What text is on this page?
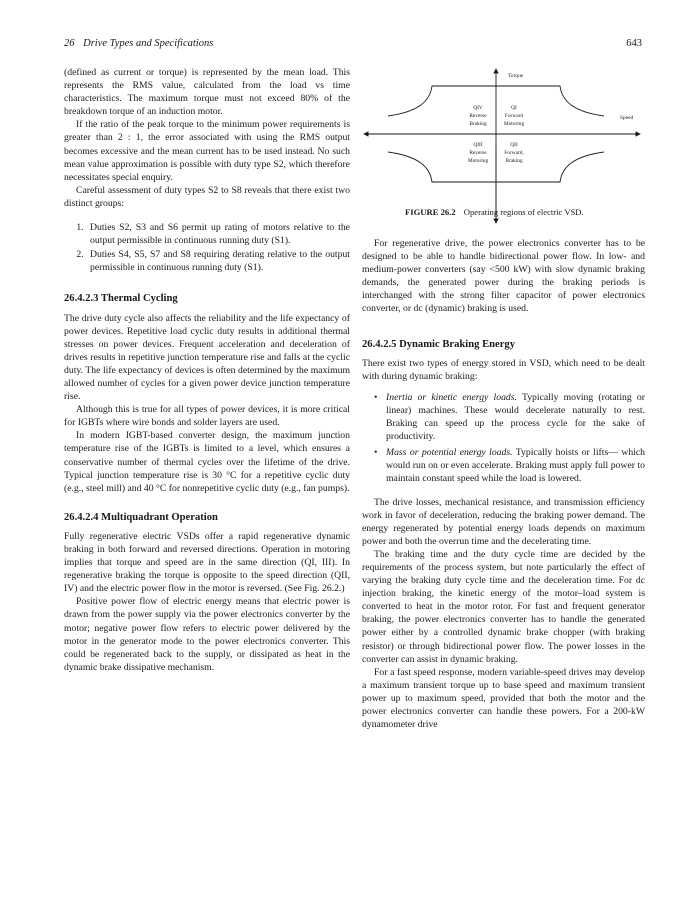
26 Drive Types and Specifications	643

(defined as current or torque) is represented by the mean load. This represents the RMS value, calculated from the load vs time characteristics. The maximum torque must not exceed 80% of the breakdown torque of an induction motor.

If the ratio of the peak torque to the minimum power requirements is greater than 2 : 1, the error associated with using the RMS output becomes excessive and the mean current has to be used instead. No such mean value approximation is possible with duty type S2, which therefore necessitates special enquiry.

Careful assessment of duty types S2 to S8 reveals that there exist two distinct groups:

1. Duties S2, S3 and S6 permit up rating of motors relative to the output permissible in continuous running duty (S1).
2. Duties S4, S5, S7 and S8 requiring derating relative to the output permissible in continuous running duty (S1).
26.4.2.3 Thermal Cycling

The drive duty cycle also affects the reliability and the life expectancy of power devices. Repetitive load cyclic duty results in additional thermal stresses on power devices. Frequent acceleration and deceleration of drives results in repetitive junction temperature rise and falls at the cyclic duty. The life expectancy of devices is often determined by the maximum allowed number of cycles for a given power device junction temperature rise.

Although this is true for all types of power devices, it is more critical for IGBTs where wire bonds and solder layers are used.

In modern IGBT-based converter design, the maximum junction temperature rise of the IGBTs is limited to a level, which ensures a conservative number of thermal cycles over the lifetime of the drive. Typical junction temperature rise is 30 °C for a repetitive cyclic duty (e.g., steel mill) and 40 °C for nonrepetitive cyclic duty (e.g., fan pumps).

26.4.2.4 Multiquadrant Operation

Fully regenerative electric VSDs offer a rapid regenerative dynamic braking in both forward and reversed directions. Operation in motoring implies that torque and speed are in the same direction (QI, III). In regenerative braking the torque is opposite to the speed direction (QII, IV) and the electric power flow in the motor is reversed. (See Fig. 26.2.)

Positive power flow of electric energy means that electric power is drawn from the power supply via the power electronics converter by the motor; negative power flow refers to electric power delivered by the motor in the generator mode to the power electronics converter. This could be regenerated back to the supply, or dissipated as heat in the dynamic brake dissipative mechanism.

Torque
Speed
QIV
Reverse
Braking
QI
Forward
Motoring
QIII
Reverse
Motoring
QII
Forward,
Braking
FIGURE 26.2 Operating regions of electric VSD.

For regenerative drive, the power electronics converter has to be designed to be able to handle bidirectional power flow. In low- and medium-power converters (say <500 kW) with slow dynamic braking demands, the generated power during the braking periods is interchanged with the strong filter capacitor of power electronics converter, or dc (dynamic) braking is used.

26.4.2.5 Dynamic Braking Energy

There exist two types of energy stored in VSD, which need to be dealt with during dynamic braking:

• Inertia or kinetic energy loads. Typically moving (rotating or linear) machines. These would decelerate naturally to rest. Braking can speed up the process cycle for the sake of productivity.
• Mass or potential energy loads. Typically hoists or lifts— which would run on or even accelerate. Braking must apply full power to maintain constant speed while the load is lowered.

The drive losses, mechanical resistance, and transmission efficiency work in favor of deceleration, reducing the braking power demand. The energy regenerated by potential energy loads depends on maximum power and both the overrun time and the decelerating time.

The braking time and the duty cycle time are decided by the requirements of the process system, but note particularly the effect of varying the braking duty cycle time and the deceleration time. For dc injection braking, the kinetic energy of the motor–load system is converted to heat in the motor rotor. For fast and frequent generator braking, the power electronics converter has to handle the generated power either by a controlled dynamic brake chopper (with braking resistor) or through bidirectional power flow. The power losses in the converter can assist in dynamic braking.

For a fast speed response, modern variable-speed drives may develop a maximum transient torque up to base speed and maximum transient power up to maximum speed, provided that both the motor and the power electronics converter can handle these powers. For a 200-kW dynamometer drive
